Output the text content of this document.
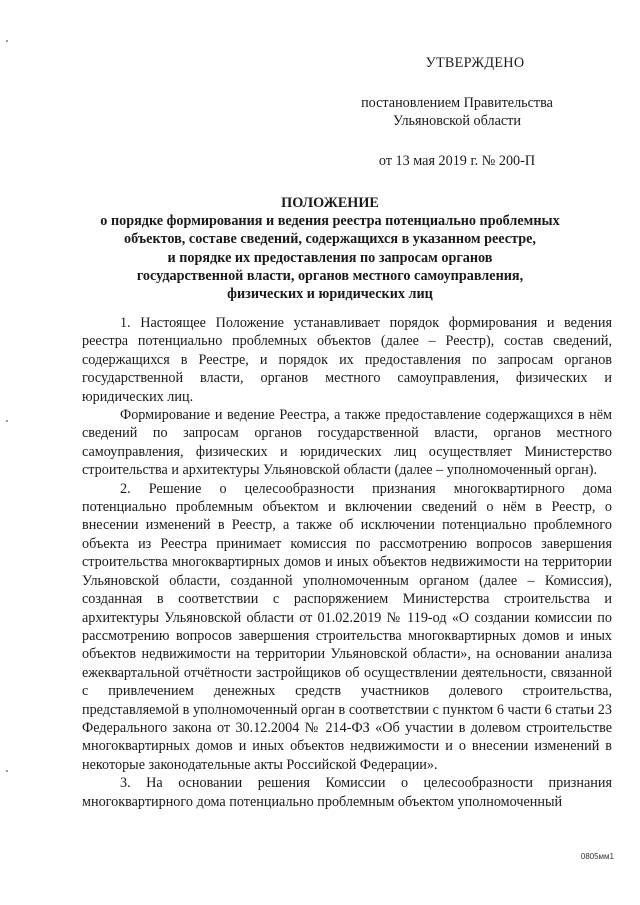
УТВЕРЖДЕНО
постановлением Правительства
Ульяновской области
от 13 мая 2019 г. № 200-П
ПОЛОЖЕНИЕ
о порядке формирования и ведения реестра потенциально проблемных
объектов, составе сведений, содержащихся в указанном реестре,
и порядке их предоставления по запросам органов
государственной власти, органов местного самоуправления,
физических и юридических лиц

1. Настоящее Положение устанавливает порядок формирования и ведения реестра потенциально проблемных объектов (далее – Реестр), состав сведений, содержащихся в Реестре, и порядок их предоставления по запросам органов государственной власти, органов местного самоуправления, физических и юридических лиц.

Формирование и ведение Реестра, а также предоставление содержащихся в нём сведений по запросам органов государственной власти, органов местного самоуправления, физических и юридических лиц осуществляет Министерство строительства и архитектуры Ульяновской области (далее – уполномоченный орган).

2. Решение о целесообразности признания многоквартирного дома потенциально проблемным объектом и включении сведений о нём в Реестр, о внесении изменений в Реестр, а также об исключении потенциально проблемного объекта из Реестра принимает комиссия по рассмотрению вопросов завершения строительства многоквартирных домов и иных объектов недвижимости на территории Ульяновской области, созданной уполномоченным органом (далее – Комиссия), созданная в соответствии с распоряжением Министерства строительства и архитектуры Ульяновской области от 01.02.2019 № 119-од «О создании комиссии по рассмотрению вопросов завершения строительства многоквартирных домов и иных объектов недвижимости на территории Ульяновской области», на основании анализа ежеквартальной отчётности застройщиков об осуществлении деятельности, связанной с привлечением денежных средств участников долевого строительства, представляемой в уполномоченный орган в соответствии с пунктом 6 части 6 статьи 23 Федерального закона от 30.12.2004 № 214-ФЗ «Об участии в долевом строительстве многоквартирных домов и иных объектов недвижимости и о внесении изменений в некоторые законодательные акты Российской Федерации».

3. На основании решения Комиссии о целесообразности признания многоквартирного дома потенциально проблемным объектом уполномоченный

0805мм1
